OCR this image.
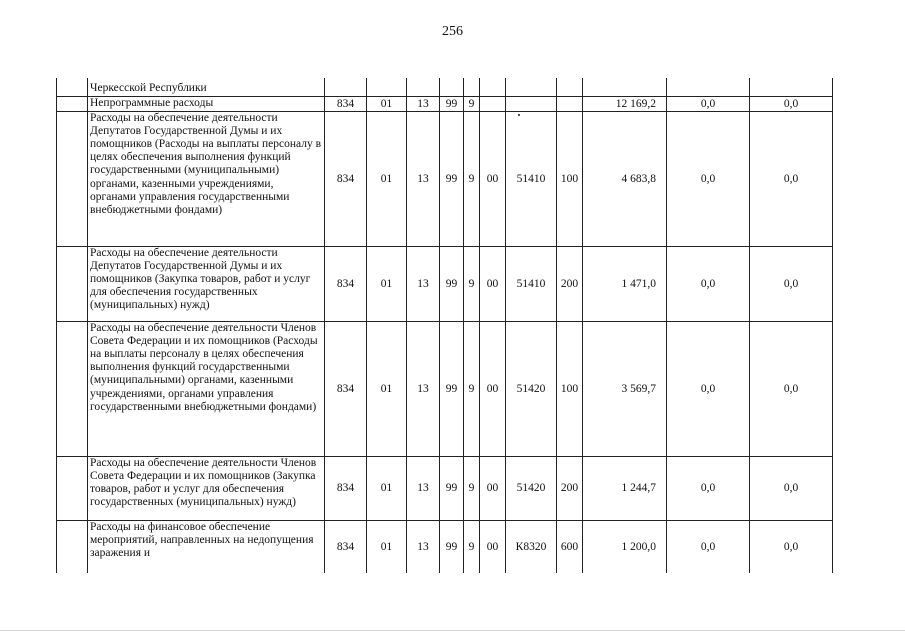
256
	Черкесской Республики											
	Непрограммные расходы	834	01	13	99	9				12 169,2	0,0	0,0
	Расходы на обеспечение деятельности Депутатов Государственной Думы и их помощников (Расходы на выплаты персоналу в целях обеспечения выполнения функций государственными (муниципальными) органами, казенными учреждениями, органами управления государственными внебюджетными фондами)	834	01	13	99	9	00	51410	100	4 683,8	0,0	0,0
	Расходы на обеспечение деятельности Депутатов Государственной Думы и их помощников (Закупка товаров, работ и услуг для обеспечения государственных (муниципальных) нужд)	834	01	13	99	9	00	51410	200	1 471,0	0,0	0,0
	Расходы на обеспечение деятельности Членов Совета Федерации и их помощников (Расходы на выплаты персоналу в целях обеспечения выполнения функций государственными (муниципальными) органами, казенными учреждениями, органами управления государственными внебюджетными фондами)	834	01	13	99	9	00	51420	100	3 569,7	0,0	0,0
	Расходы на обеспечение деятельности Членов Совета Федерации и их помощников (Закупка товаров, работ и услуг для обеспечения государственных (муниципальных) нужд)	834	01	13	99	9	00	51420	200	1 244,7	0,0	0,0
	Расходы на финансовое обеспечение мероприятий, направленных на недопущения заражения и	834	01	13	99	9	00	К8320	600	1 200,0	0,0	0,0
